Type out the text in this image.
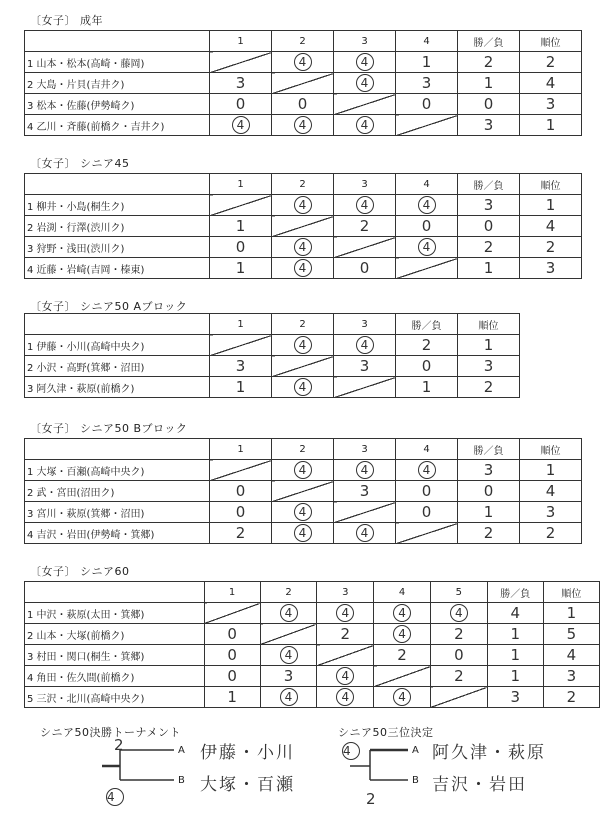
〔女子〕 成年
〔女子〕 シニア45
〔女子〕 シニア50 Aブロック
〔女子〕 シニア50 Bブロック
〔女子〕 シニア60
	1	2	3	4	勝／負	順位
1 山本・松本(高崎・藤岡)		4	4	1	2	2
2 大島・片貝(吉井ク)	3		4	3	1	4
3 松本・佐藤(伊勢崎ク)	0	0		0	0	3
4 乙川・斉藤(前橋ク・吉井ク)	4	4	4		3	1
	1	2	3	4	勝／負	順位
1 柳井・小島(桐生ク)		4	4	4	3	1
2 岩渕・行澤(渋川ク)	1		2	0	0	4
3 狩野・浅田(渋川ク)	0	4		4	2	2
4 近藤・岩崎(吉岡・榛東)	1	4	0		1	3
	1	2	3	勝／負	順位
1 伊藤・小川(高崎中央ク)		4	4	2	1
2 小沢・高野(箕郷・沼田)	3		3	0	3
3 阿久津・萩原(前橋ク)	1	4		1	2
	1	2	3	4	勝／負	順位
1 大塚・百瀬(高崎中央ク)		4	4	4	3	1
2 武・宮田(沼田ク)	0		3	0	0	4
3 宮川・萩原(箕郷・沼田)	0	4		0	1	3
4 吉沢・岩田(伊勢崎・箕郷)	2	4	4		2	2
	1	2	3	4	5	勝／負	順位
1 中沢・萩原(太田・箕郷)		4	4	4	4	4	1
2 山本・大塚(前橋ク)	0		2	4	2	1	5
3 村田・関口(桐生・箕郷)	0	4		2	0	1	4
4 角田・佐久間(前橋ク)	0	3	4		2	1	3
5 三沢・北川(高崎中央ク)	1	4	4	4		3	2
シニア50決勝トーナメント
2
4
A
B
伊藤・小川
大塚・百瀬
シニア50三位決定
4
2
A
B
阿久津・萩原
吉沢・岩田
